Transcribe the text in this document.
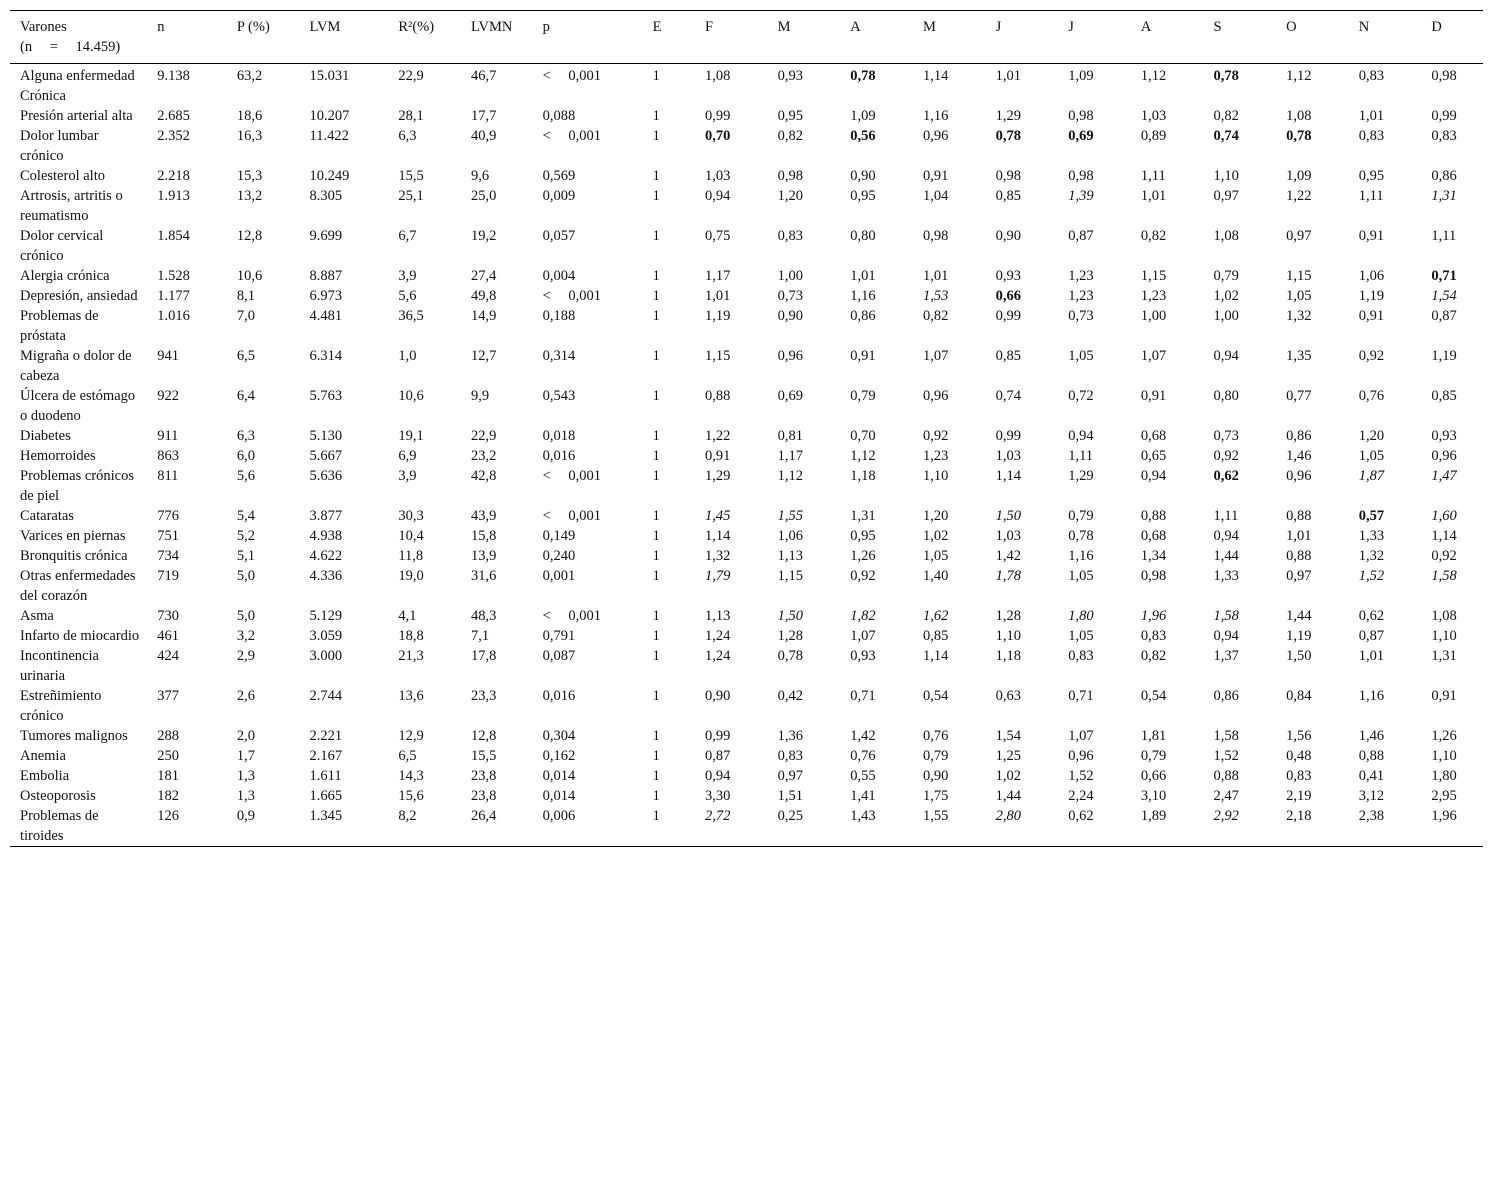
Varones
(n = 14.459)	n	P (%)	LVM	R²(%)	LVMN	p	E	F	M	A	M	J	J	A	S	O	N	D
Alguna enfermedad Crónica	9.138	63,2	15.031	22,9	46,7	< 0,001	1	1,08	0,93	0,78	1,14	1,01	1,09	1,12	0,78	1,12	0,83	0,98
Presión arterial alta	2.685	18,6	10.207	28,1	17,7	0,088	1	0,99	0,95	1,09	1,16	1,29	0,98	1,03	0,82	1,08	1,01	0,99
Dolor lumbar crónico	2.352	16,3	11.422	6,3	40,9	< 0,001	1	0,70	0,82	0,56	0,96	0,78	0,69	0,89	0,74	0,78	0,83	0,83
Colesterol alto	2.218	15,3	10.249	15,5	9,6	0,569	1	1,03	0,98	0,90	0,91	0,98	0,98	1,11	1,10	1,09	0,95	0,86
Artrosis, artritis o reumatismo	1.913	13,2	8.305	25,1	25,0	0,009	1	0,94	1,20	0,95	1,04	0,85	1,39	1,01	0,97	1,22	1,11	1,31
Dolor cervical crónico	1.854	12,8	9.699	6,7	19,2	0,057	1	0,75	0,83	0,80	0,98	0,90	0,87	0,82	1,08	0,97	0,91	1,11
Alergia crónica	1.528	10,6	8.887	3,9	27,4	0,004	1	1,17	1,00	1,01	1,01	0,93	1,23	1,15	0,79	1,15	1,06	0,71
Depresión, ansiedad	1.177	8,1	6.973	5,6	49,8	< 0,001	1	1,01	0,73	1,16	1,53	0,66	1,23	1,23	1,02	1,05	1,19	1,54
Problemas de próstata	1.016	7,0	4.481	36,5	14,9	0,188	1	1,19	0,90	0,86	0,82	0,99	0,73	1,00	1,00	1,32	0,91	0,87
Migraña o dolor de cabeza	941	6,5	6.314	1,0	12,7	0,314	1	1,15	0,96	0,91	1,07	0,85	1,05	1,07	0,94	1,35	0,92	1,19
Úlcera de estómago o duodeno	922	6,4	5.763	10,6	9,9	0,543	1	0,88	0,69	0,79	0,96	0,74	0,72	0,91	0,80	0,77	0,76	0,85
Diabetes	911	6,3	5.130	19,1	22,9	0,018	1	1,22	0,81	0,70	0,92	0,99	0,94	0,68	0,73	0,86	1,20	0,93
Hemorroides	863	6,0	5.667	6,9	23,2	0,016	1	0,91	1,17	1,12	1,23	1,03	1,11	0,65	0,92	1,46	1,05	0,96
Problemas crónicos de piel	811	5,6	5.636	3,9	42,8	< 0,001	1	1,29	1,12	1,18	1,10	1,14	1,29	0,94	0,62	0,96	1,87	1,47
Cataratas	776	5,4	3.877	30,3	43,9	< 0,001	1	1,45	1,55	1,31	1,20	1,50	0,79	0,88	1,11	0,88	0,57	1,60
Varices en piernas	751	5,2	4.938	10,4	15,8	0,149	1	1,14	1,06	0,95	1,02	1,03	0,78	0,68	0,94	1,01	1,33	1,14
Bronquitis crónica	734	5,1	4.622	11,8	13,9	0,240	1	1,32	1,13	1,26	1,05	1,42	1,16	1,34	1,44	0,88	1,32	0,92
Otras enfermedades del corazón	719	5,0	4.336	19,0	31,6	0,001	1	1,79	1,15	0,92	1,40	1,78	1,05	0,98	1,33	0,97	1,52	1,58
Asma	730	5,0	5.129	4,1	48,3	< 0,001	1	1,13	1,50	1,82	1,62	1,28	1,80	1,96	1,58	1,44	0,62	1,08
Infarto de miocardio	461	3,2	3.059	18,8	7,1	0,791	1	1,24	1,28	1,07	0,85	1,10	1,05	0,83	0,94	1,19	0,87	1,10
Incontinencia urinaria	424	2,9	3.000	21,3	17,8	0,087	1	1,24	0,78	0,93	1,14	1,18	0,83	0,82	1,37	1,50	1,01	1,31
Estreñimiento crónico	377	2,6	2.744	13,6	23,3	0,016	1	0,90	0,42	0,71	0,54	0,63	0,71	0,54	0,86	0,84	1,16	0,91
Tumores malignos	288	2,0	2.221	12,9	12,8	0,304	1	0,99	1,36	1,42	0,76	1,54	1,07	1,81	1,58	1,56	1,46	1,26
Anemia	250	1,7	2.167	6,5	15,5	0,162	1	0,87	0,83	0,76	0,79	1,25	0,96	0,79	1,52	0,48	0,88	1,10
Embolia	181	1,3	1.611	14,3	23,8	0,014	1	0,94	0,97	0,55	0,90	1,02	1,52	0,66	0,88	0,83	0,41	1,80
Osteoporosis	182	1,3	1.665	15,6	23,8	0,014	1	3,30	1,51	1,41	1,75	1,44	2,24	3,10	2,47	2,19	3,12	2,95
Problemas de tiroides	126	0,9	1.345	8,2	26,4	0,006	1	2,72	0,25	1,43	1,55	2,80	0,62	1,89	2,92	2,18	2,38	1,96
